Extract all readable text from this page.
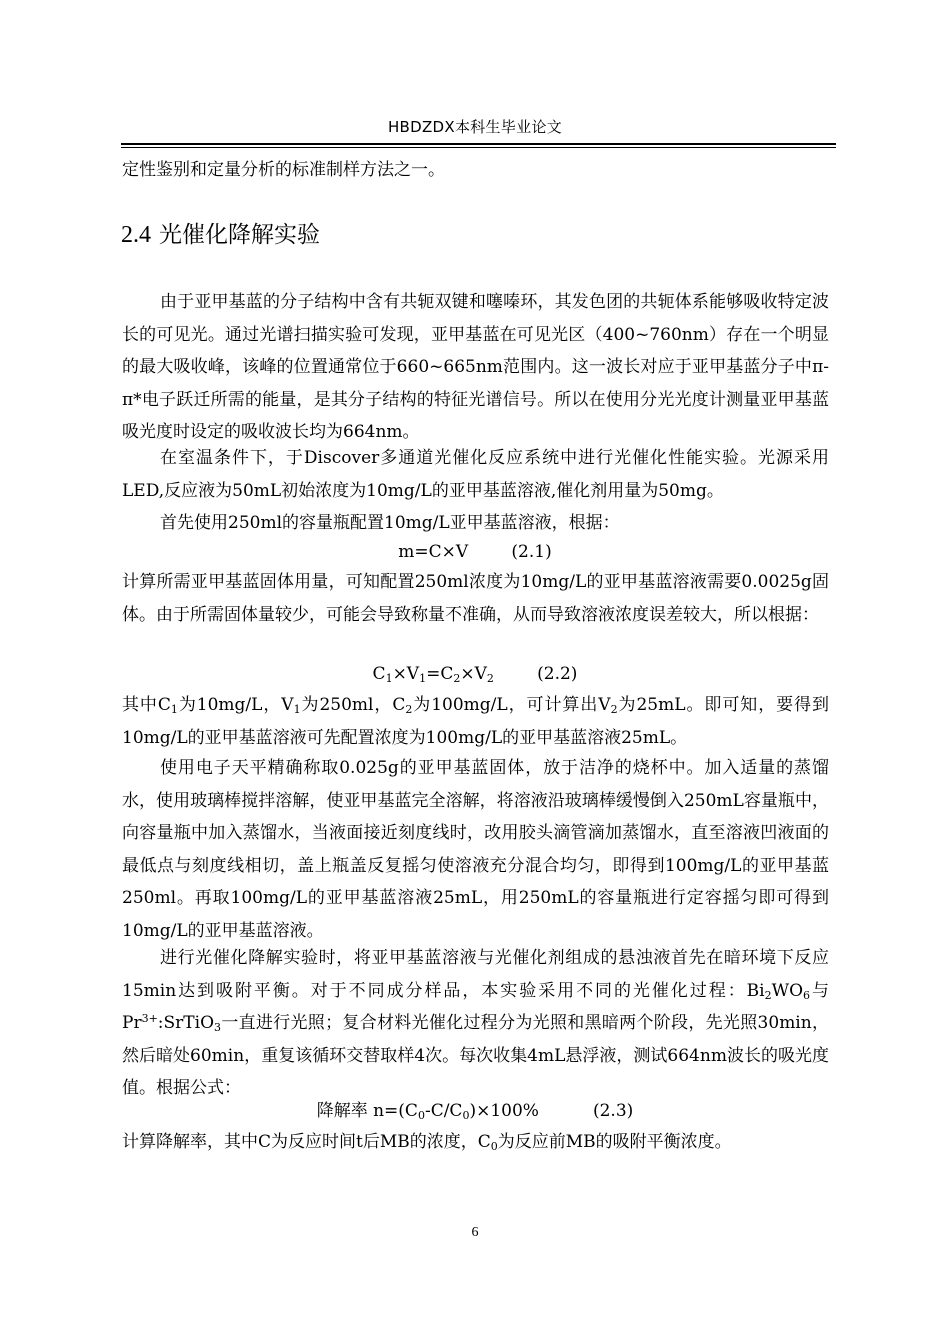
HBDZDX本科生毕业论文
定性鉴别和定量分析的标准制样方法之一。
2.4 光催化降解实验
由于亚甲基蓝的分子结构中含有共轭双键和噻嗪环，其发色团的共轭体系能够吸收特定波长的可见光。通过光谱扫描实验可发现，亚甲基蓝在可见光区（400~760nm）存在一个明显的最大吸收峰，该峰的位置通常位于660~665nm范围内。这一波长对应于亚甲基蓝分子中π-π*电子跃迁所需的能量，是其分子结构的特征光谱信号。所以在使用分光光度计测量亚甲基蓝吸光度时设定的吸收波长均为664nm。
在室温条件下，于Discover多通道光催化反应系统中进行光催化性能实验。光源采用LED,反应液为50mL初始浓度为10mg/L的亚甲基蓝溶液,催化剂用量为50mg。
首先使用250ml的容量瓶配置10mg/L亚甲基蓝溶液，根据：
m=C×V	(2.1)
计算所需亚甲基蓝固体用量，可知配置250ml浓度为10mg/L的亚甲基蓝溶液需要0.0025g固体。由于所需固体量较少，可能会导致称量不准确，从而导致溶液浓度误差较大，所以根据：
$C_1\times V_1=C_2\times V_2$	(2.2)
其中$C_1$为10mg/L，$V_1$为250ml，$C_2$为100mg/L，可计算出$V_2$为25mL。即可知，要得到10mg/L的亚甲基蓝溶液可先配置浓度为100mg/L的亚甲基蓝溶液25mL。
使用电子天平精确称取0.025g的亚甲基蓝固体，放于洁净的烧杯中。加入适量的蒸馏水，使用玻璃棒搅拌溶解，使亚甲基蓝完全溶解，将溶液沿玻璃棒缓慢倒入250mL容量瓶中，向容量瓶中加入蒸馏水，当液面接近刻度线时，改用胶头滴管滴加蒸馏水，直至溶液凹液面的最低点与刻度线相切，盖上瓶盖反复摇匀使溶液充分混合均匀，即得到100mg/L的亚甲基蓝250ml。再取100mg/L的亚甲基蓝溶液25mL，用250mL的容量瓶进行定容摇匀即可得到10mg/L的亚甲基蓝溶液。
进行光催化降解实验时，将亚甲基蓝溶液与光催化剂组成的悬浊液首先在暗环境下反应15min达到吸附平衡。对于不同成分样品，本实验采用不同的光催化过程：$Bi_2WO_6$与 $Pr^{3+}:SrTiO_3$一直进行光照；复合材料光催化过程分为光照和黑暗两个阶段，先光照30min，然后暗处60min，重复该循环交替取样4次。每次收集4mL悬浮液，测试664nm波长的吸光度值。根据公式：
降解率 $n=(C_0-C/C_0)\times 100\%$	(2.3)
计算降解率，其中C为反应时间t后MB的浓度，$C_0$为反应前MB的吸附平衡浓度。
6
